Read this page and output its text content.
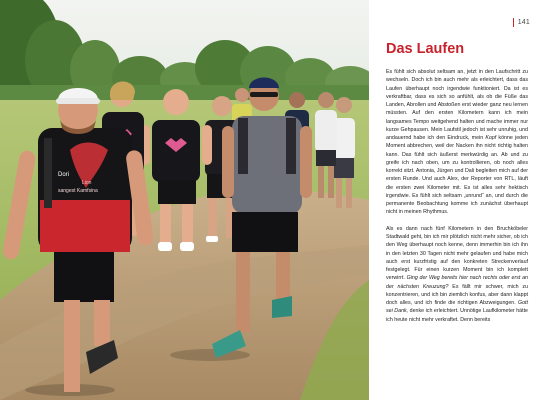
Dori
Lion
sangest Kamfsina
141
Das Laufen

Es fühlt sich absolut seltsam an, jetzt in den Laufschritt zu wechseln. Doch ich bin auch mehr als erleichtert, dass das Laufen überhaupt noch irgendwie funktioniert. Da ist es verkraftbar, dass es sich so anfühlt, als ob die Füße das Landen, Abrollen und Abstoßen erst wieder ganz neu lernen müssten. Auf den ersten Kilometern kann ich mein langsames Tempo weitgehend halten und mache immer nur kurze Gehpausen. Mein Laufstil jedoch ist sehr unruhig, und andauernd habe ich den Eindruck, mein Kopf könne jeden Moment abbrechen, weil der Nacken ihn nicht richtig halten kann. Das fühlt sich äußerst merkwürdig an. Ab und zu greife ich nach oben, um zu kontrollieren, ob noch alles korrekt sitzt. Antonia, Jürgen und Dali begleiten mich auf der ersten Runde. Und auch Alex, der Reporter von RTL, läuft die ersten zwei Kilometer mit. Es ist alles sehr hektisch irgendwie. Es fühlt sich seltsam „unrund“ an, und durch die permanente Beobachtung komme ich zunächst überhaupt nicht in meinen Rhythmus.

Als es dann nach fünf Kilometern in den Bruchköbeler Stadtwald geht, bin ich mir plötzlich nicht mehr sicher, ob ich den Weg überhaupt noch kenne, denn immerhin bin ich ihn in den letzten 30 Tagen nicht mehr gelaufen und habe mich auch erst kurzfristig auf den konkreten Streckenverlauf festgelegt. Für einen kurzen Moment bin ich komplett verwirrt. Ging der Weg bereits hier nach rechts oder erst an der nächsten Kreuzung? Es fällt mir schwer, mich zu konzentrieren, und ich bin ziemlich konfus, aber dann klappt doch alles, und ich finde die richtigen Abzweigungen. Gott sei Dank, denke ich erleichtert. Unnötige Laufkilometer hätte ich heute nicht mehr verkraftet. Denn bereits
